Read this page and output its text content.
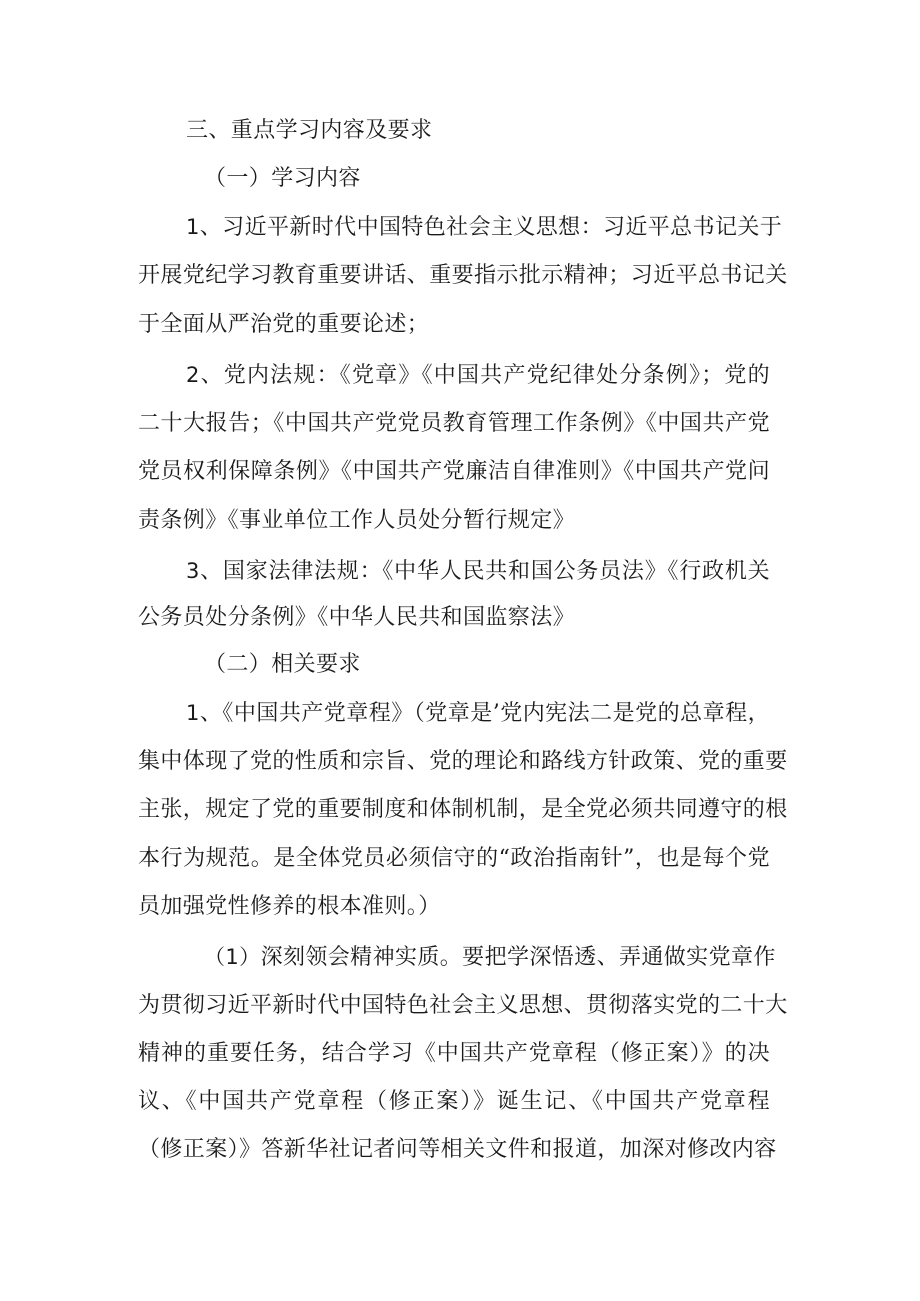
三、重点学习内容及要求
（一）学习内容
1、习近平新时代中国特色社会主义思想：习近平总书记关于
开展党纪学习教育重要讲话、重要指示批示精神；习近平总书记关
于全面从严治党的重要论述；
2、党内法规：《党章》《中国共产党纪律处分条例》；党的
二十大报告；《中国共产党党员教育管理工作条例》《中国共产党
党员权利保障条例》《中国共产党廉洁自律准则》《中国共产党问
责条例》《事业单位工作人员处分暂行规定》
3、国家法律法规：《中华人民共和国公务员法》《行政机关
公务员处分条例》《中华人民共和国监察法》
（二）相关要求
1、《中国共产党章程》（党章是’党内宪法二是党的总章程，
集中体现了党的性质和宗旨、党的理论和路线方针政策、党的重要
主张，规定了党的重要制度和体制机制，是全党必须共同遵守的根
本行为规范。是全体党员必须信守的“政治指南针”，也是每个党
员加强党性修养的根本准则。）
（1）深刻领会精神实质。要把学深悟透、弄通做实党章作
为贯彻习近平新时代中国特色社会主义思想、贯彻落实党的二十大
精神的重要任务，结合学习《中国共产党章程（修正案）》的决
议、《中国共产党章程（修正案）》诞生记、《中国共产党章程
（修正案）》答新华社记者问等相关文件和报道，加深对修改内容
